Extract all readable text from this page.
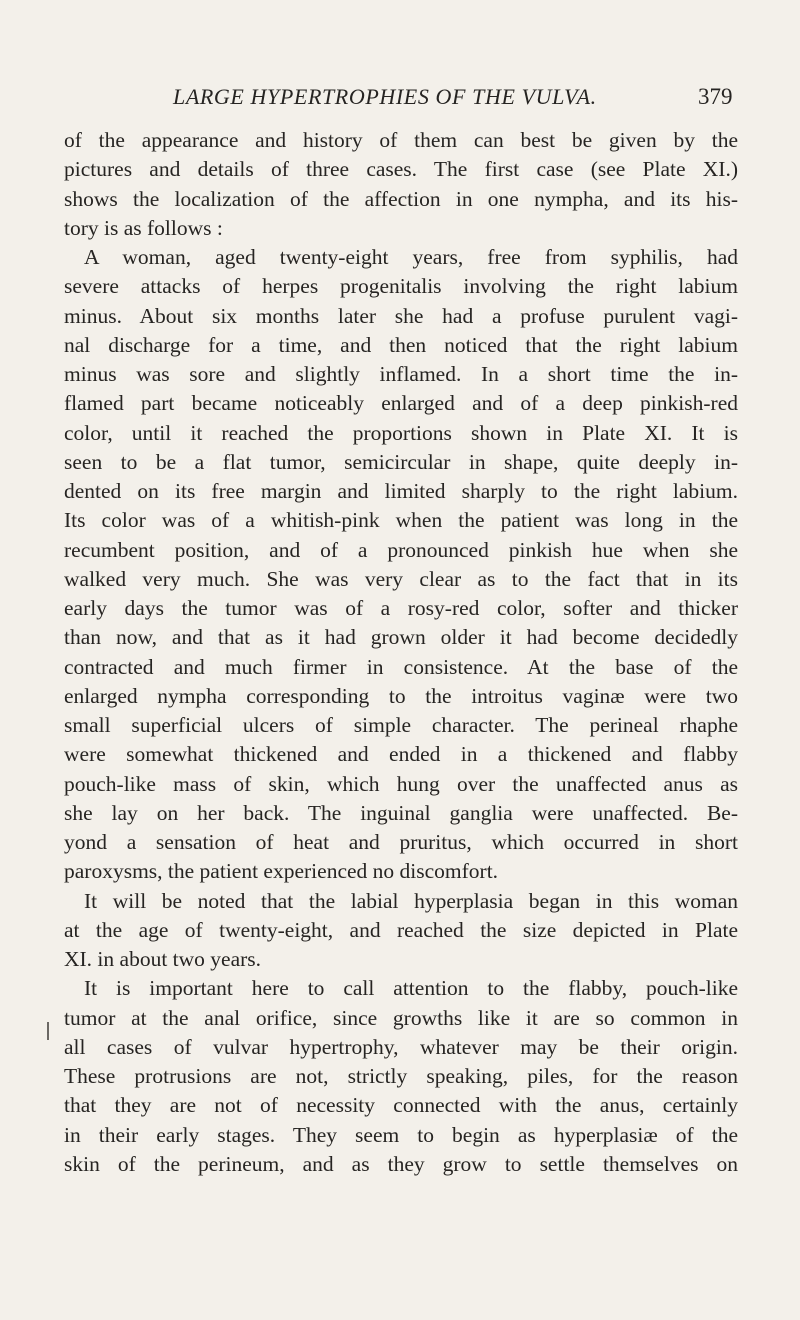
LARGE HYPERTROPHIES OF THE VULVA.	379
of the appearance and history of them can best be given by the
pictures and details of three cases. The first case (see Plate XI.)
shows the localization of the affection in one nympha, and its his-
tory is as follows :
A woman, aged twenty-eight years, free from syphilis, had
severe attacks of herpes progenitalis involving the right labium
minus. About six months later she had a profuse purulent vagi-
nal discharge for a time, and then noticed that the right labium
minus was sore and slightly inflamed. In a short time the in-
flamed part became noticeably enlarged and of a deep pinkish-red
color, until it reached the proportions shown in Plate XI. It is
seen to be a flat tumor, semicircular in shape, quite deeply in-
dented on its free margin and limited sharply to the right labium.
Its color was of a whitish-pink when the patient was long in the
recumbent position, and of a pronounced pinkish hue when she
walked very much. She was very clear as to the fact that in its
early days the tumor was of a rosy-red color, softer and thicker
than now, and that as it had grown older it had become decidedly
contracted and much firmer in consistence. At the base of the
enlarged nympha corresponding to the introitus vaginæ were two
small superficial ulcers of simple character. The perineal rhaphe
were somewhat thickened and ended in a thickened and flabby
pouch-like mass of skin, which hung over the unaffected anus as
she lay on her back. The inguinal ganglia were unaffected. Be-
yond a sensation of heat and pruritus, which occurred in short
paroxysms, the patient experienced no discomfort.
It will be noted that the labial hyperplasia began in this woman
at the age of twenty-eight, and reached the size depicted in Plate
XI. in about two years.
It is important here to call attention to the flabby, pouch-like
tumor at the anal orifice, since growths like it are so common in
all cases of vulvar hypertrophy, whatever may be their origin.
These protrusions are not, strictly speaking, piles, for the reason
that they are not of necessity connected with the anus, certainly
in their early stages. They seem to begin as hyperplasiæ of the
skin of the perineum, and as they grow to settle themselves on
